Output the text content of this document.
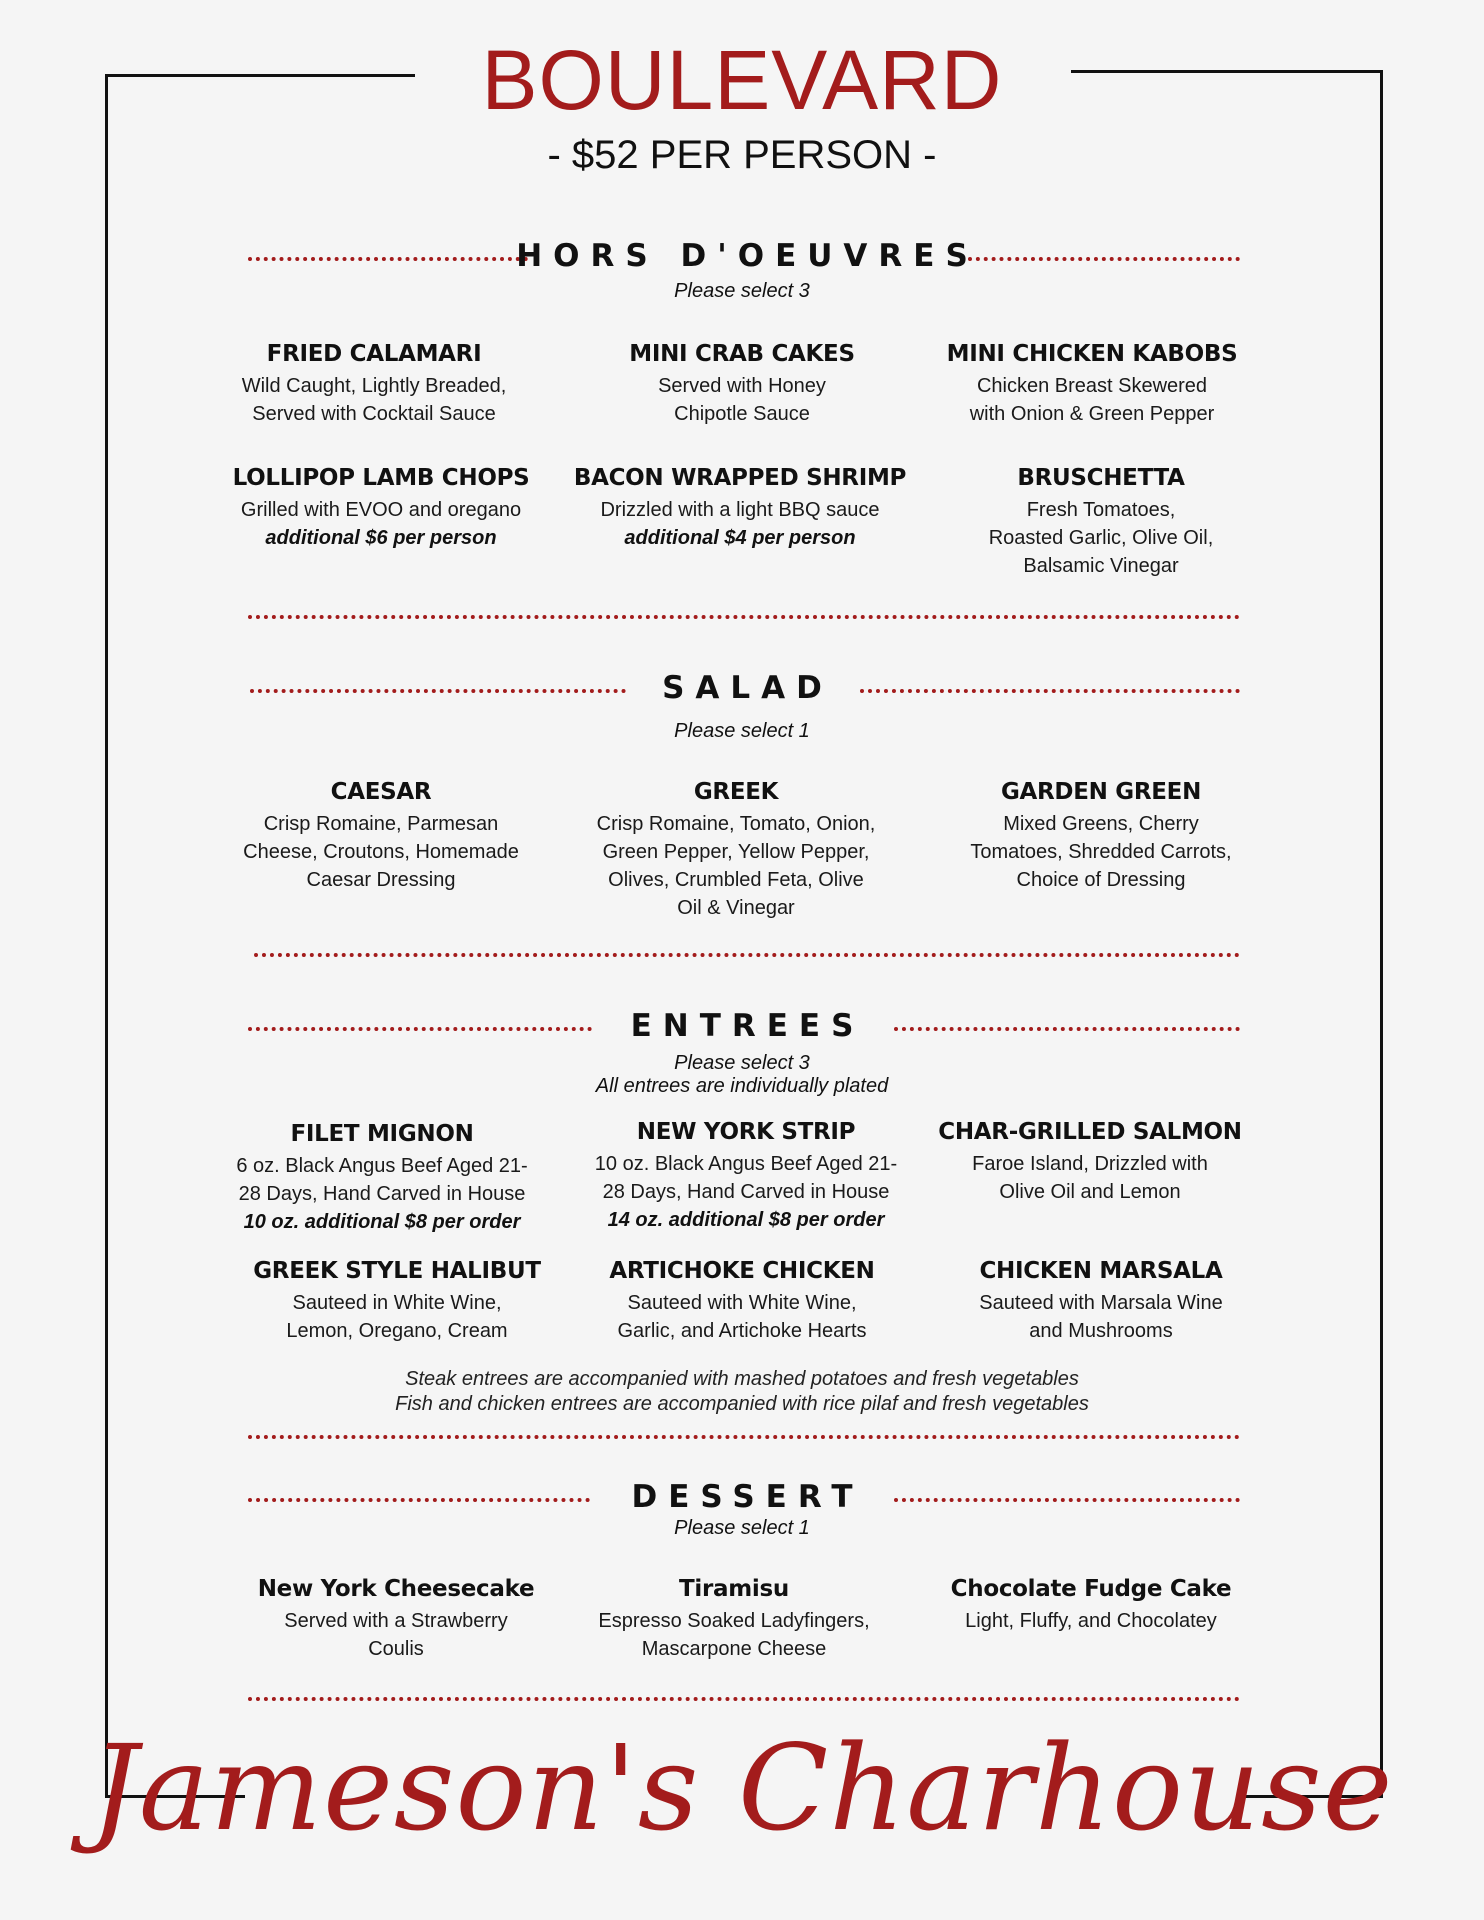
BOULEVARD

- $52 PER PERSON -

HORS D'OEUVRES

Please select 3

FRIED CALAMARI
Wild Caught, Lightly Breaded,
Served with Cocktail Sauce
MINI CRAB CAKES
Served with Honey
Chipotle Sauce
MINI CHICKEN KABOBS
Chicken Breast Skewered
with Onion & Green Pepper
LOLLIPOP LAMB CHOPS
Grilled with EVOO and oregano
additional $6 per person
BACON WRAPPED SHRIMP
Drizzled with a light BBQ sauce
additional $4 per person
BRUSCHETTA
Fresh Tomatoes,
Roasted Garlic, Olive Oil,
Balsamic Vinegar
SALAD

Please select 1

CAESAR
Crisp Romaine, Parmesan
Cheese, Croutons, Homemade
Caesar Dressing
GREEK
Crisp Romaine, Tomato, Onion,
Green Pepper, Yellow Pepper,
Olives, Crumbled Feta, Olive
Oil & Vinegar
GARDEN GREEN
Mixed Greens, Cherry
Tomatoes, Shredded Carrots,
Choice of Dressing
ENTREES

Please select 3

All entrees are individually plated

FILET MIGNON
6 oz. Black Angus Beef Aged 21-
28 Days, Hand Carved in House
10 oz. additional $8 per order
NEW YORK STRIP
10 oz. Black Angus Beef Aged 21-
28 Days, Hand Carved in House
14 oz. additional $8 per order
CHAR-GRILLED SALMON
Faroe Island, Drizzled with
Olive Oil and Lemon
GREEK STYLE HALIBUT
Sauteed in White Wine,
Lemon, Oregano, Cream
ARTICHOKE CHICKEN
Sauteed with White Wine,
Garlic, and Artichoke Hearts
CHICKEN MARSALA
Sauteed with Marsala Wine
and Mushrooms

Steak entrees are accompanied with mashed potatoes and fresh vegetables

Fish and chicken entrees are accompanied with rice pilaf and fresh vegetables

DESSERT

Please select 1

New York Cheesecake
Served with a Strawberry
Coulis
Tiramisu
Espresso Soaked Ladyfingers,
Mascarpone Cheese
Chocolate Fudge Cake
Light, Fluffy, and Chocolatey

Jameson's Charhouse
